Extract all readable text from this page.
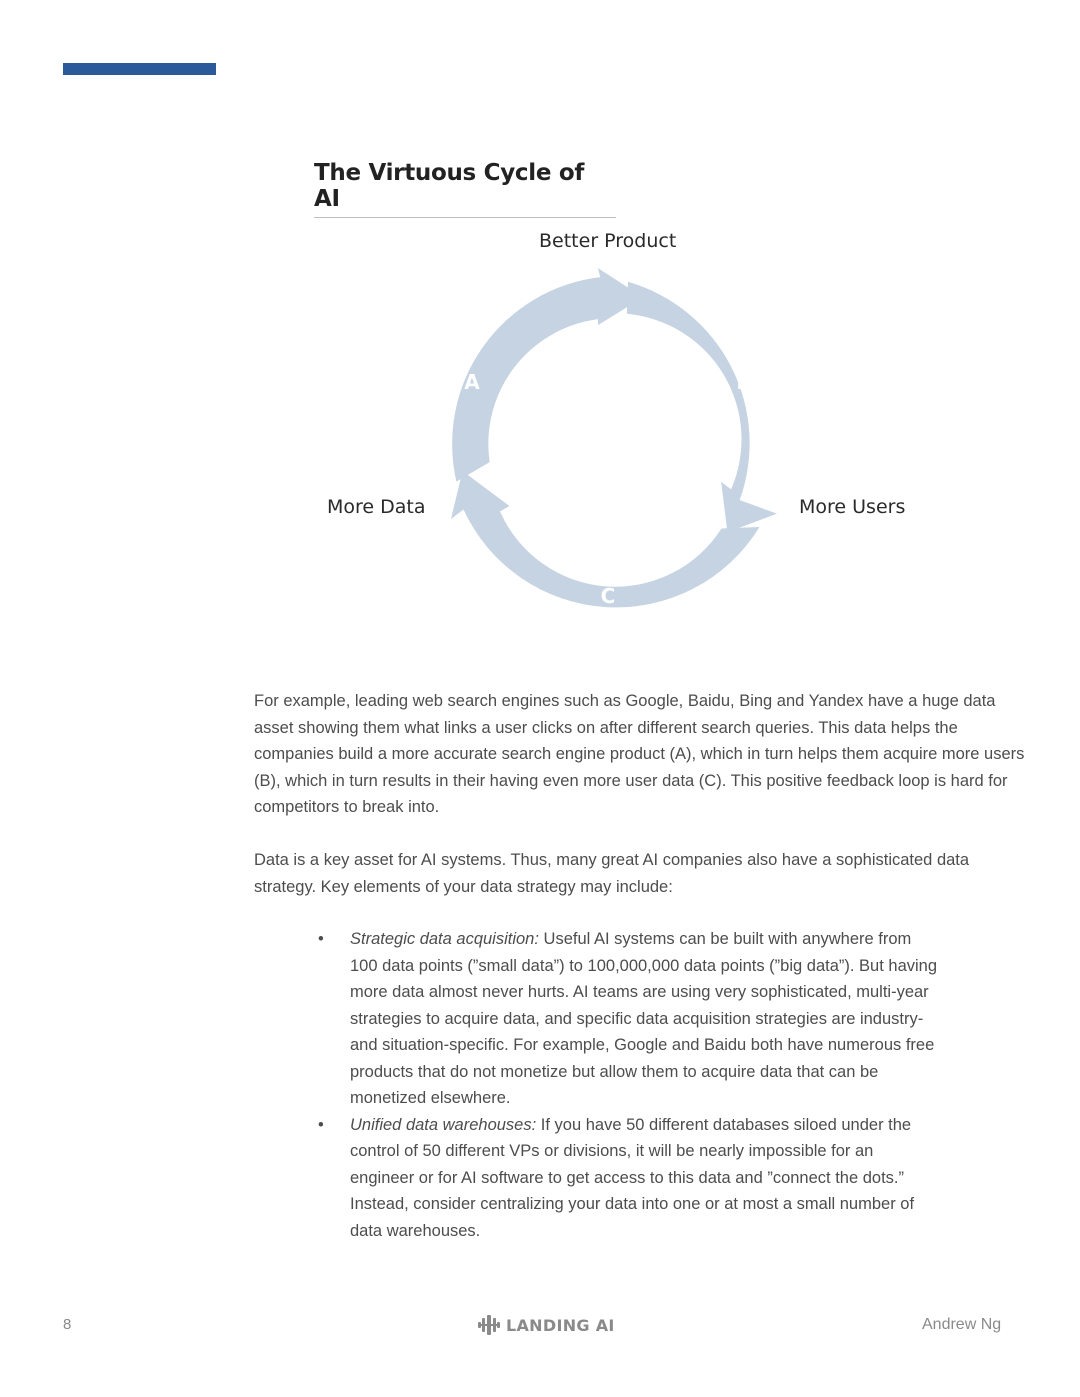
The Virtuous Cycle of AI
Better Product
More Data	More Users
A	B
C

For example, leading web search engines such as Google, Baidu, Bing and Yandex have a huge data asset showing them what links a user clicks on after different search queries. This data helps the companies build a more accurate search engine product (A), which in turn helps them acquire more users (B), which in turn results in their having even more user data (C). This positive feedback loop is hard for competitors to break into.

Data is a key asset for AI systems. Thus, many great AI companies also have a sophisticated data strategy. Key elements of your data strategy may include:

• Strategic data acquisition: Useful AI systems can be built with anywhere from 100 data points (”small data”) to 100,000,000 data points (”big data”). But having more data almost never hurts. AI teams are using very sophisticated, multi-year strategies to acquire data, and specific data acquisition strategies are industry- and situation-specific. For example, Google and Baidu both have numerous free products that do not monetize but allow them to acquire data that can be monetized elsewhere.
• Unified data warehouses: If you have 50 different databases siloed under the control of 50 different VPs or divisions, it will be nearly impossible for an engineer or for AI software to get access to this data and ”connect the dots.” Instead, consider centralizing your data into one or at most a small number of data warehouses.
8	LANDING AI	Andrew Ng
